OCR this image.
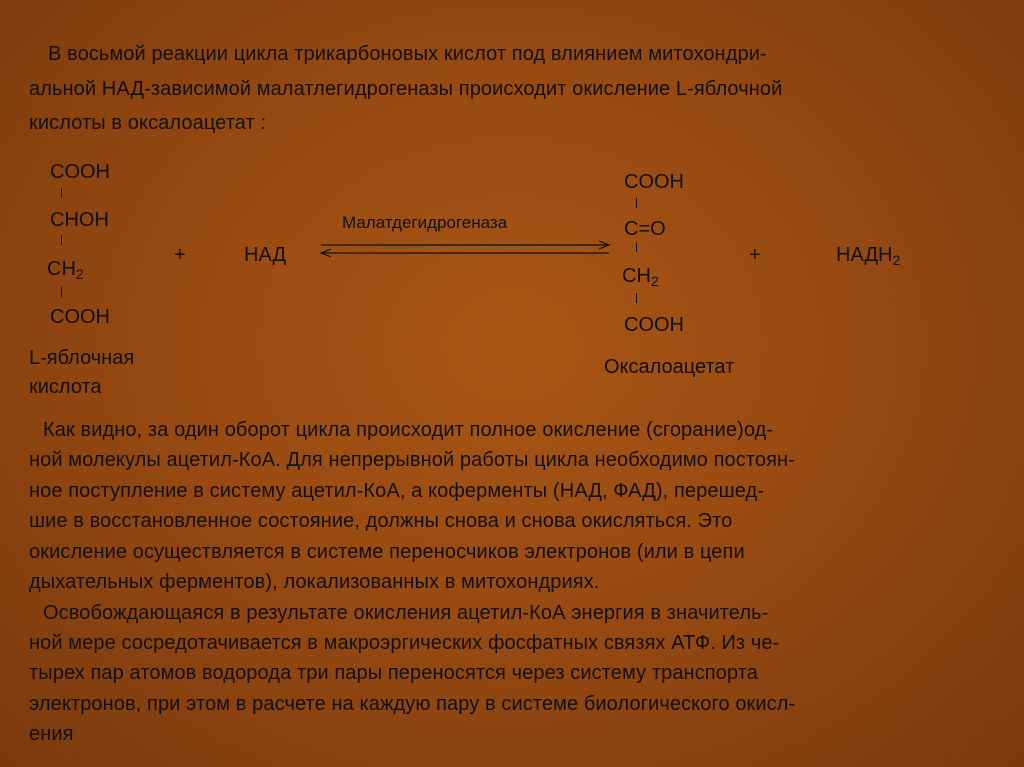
В восьмой реакции цикла трикарбоновых кислот под влиянием митохондри-
альной НАД-зависимой малатлегидрогеназы происходит окисление L-яблочной
кислоты в оксалоацетат :
COOH
CHOH
$CH_2$
COOH
L-яблочная
кислота
+	НАД
Малатдегидрогеназа
COOH
C=O
$CH_2$
COOH
Оксалоацетат
+	$НАДН_2$
Как видно, за один оборот цикла происходит полное окисление (сгорание)од-
ной молекулы ацетил-КоА. Для непрерывной работы цикла необходимо постоян-
ное поступление в систему ацетил-КоА, а коферменты (НАД, ФАД), перешед-
шие в восстановленное состояние, должны снова и снова окисляться. Это
окисление осуществляется в системе переносчиков электронов (или в цепи
дыхательных ферментов), локализованных в митохондриях.
Освобождающаяся в результате окисления ацетил-КоА энергия в значитель-
ной мере сосредотачивается в макроэргических фосфатных связях АТФ. Из че-
тырех пар атомов водорода три пары переносятся через систему транспорта
электронов, при этом в расчете на каждую пару в системе биологического окисл-
ения
